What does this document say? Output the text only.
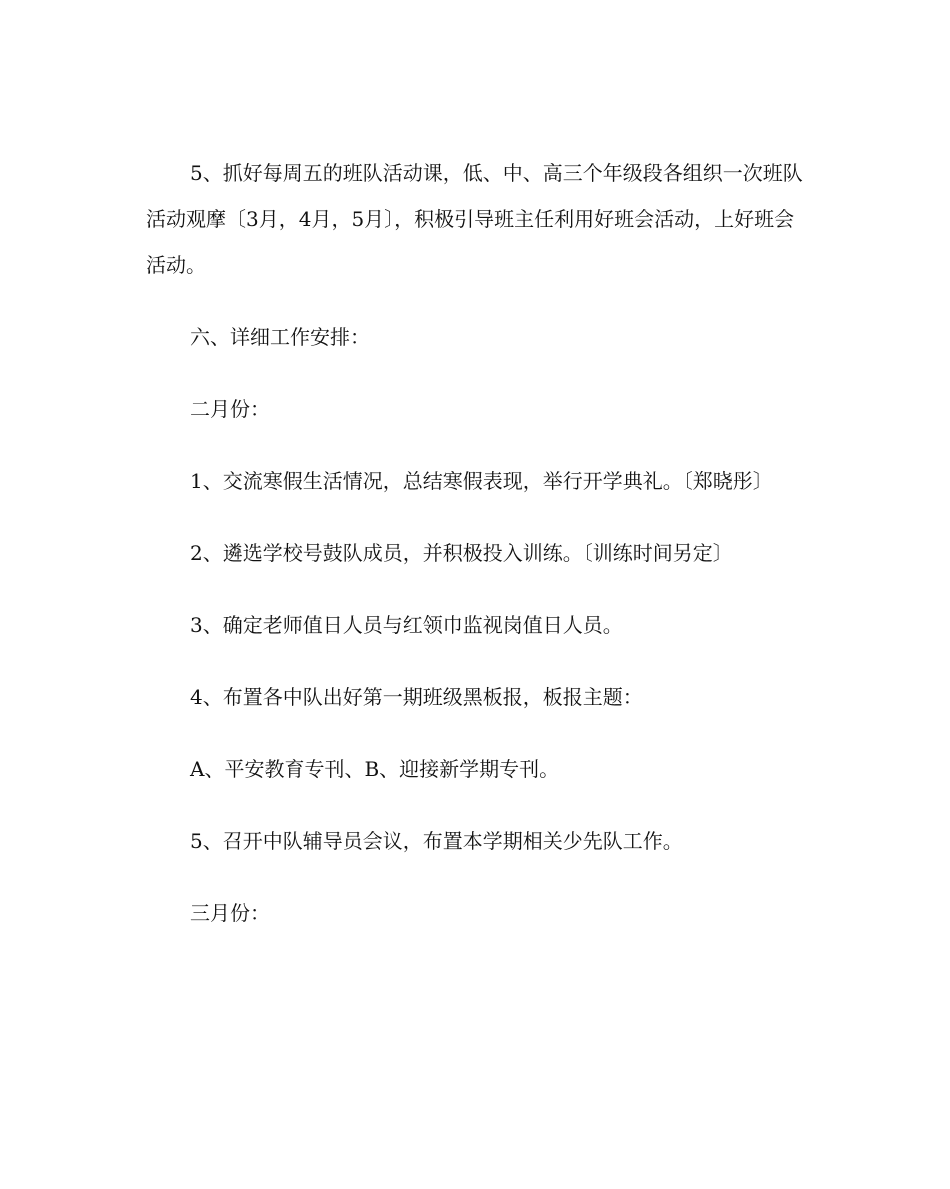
5、抓好每周五的班队活动课，低、中、高三个年级段各组织一次班队活动观摩〔3月，4月，5月〕，积极引导班主任利用好班会活动，上好班会活动。

六、详细工作安排：

二月份：

1、交流寒假生活情况，总结寒假表现，举行开学典礼。〔郑晓彤〕

2、遴选学校号鼓队成员，并积极投入训练。〔训练时间另定〕

3、确定老师值日人员与红领巾监视岗值日人员。

4、布置各中队出好第一期班级黑板报，板报主题：

A、平安教育专刊、B、迎接新学期专刊。

5、召开中队辅导员会议，布置本学期相关少先队工作。

三月份：
